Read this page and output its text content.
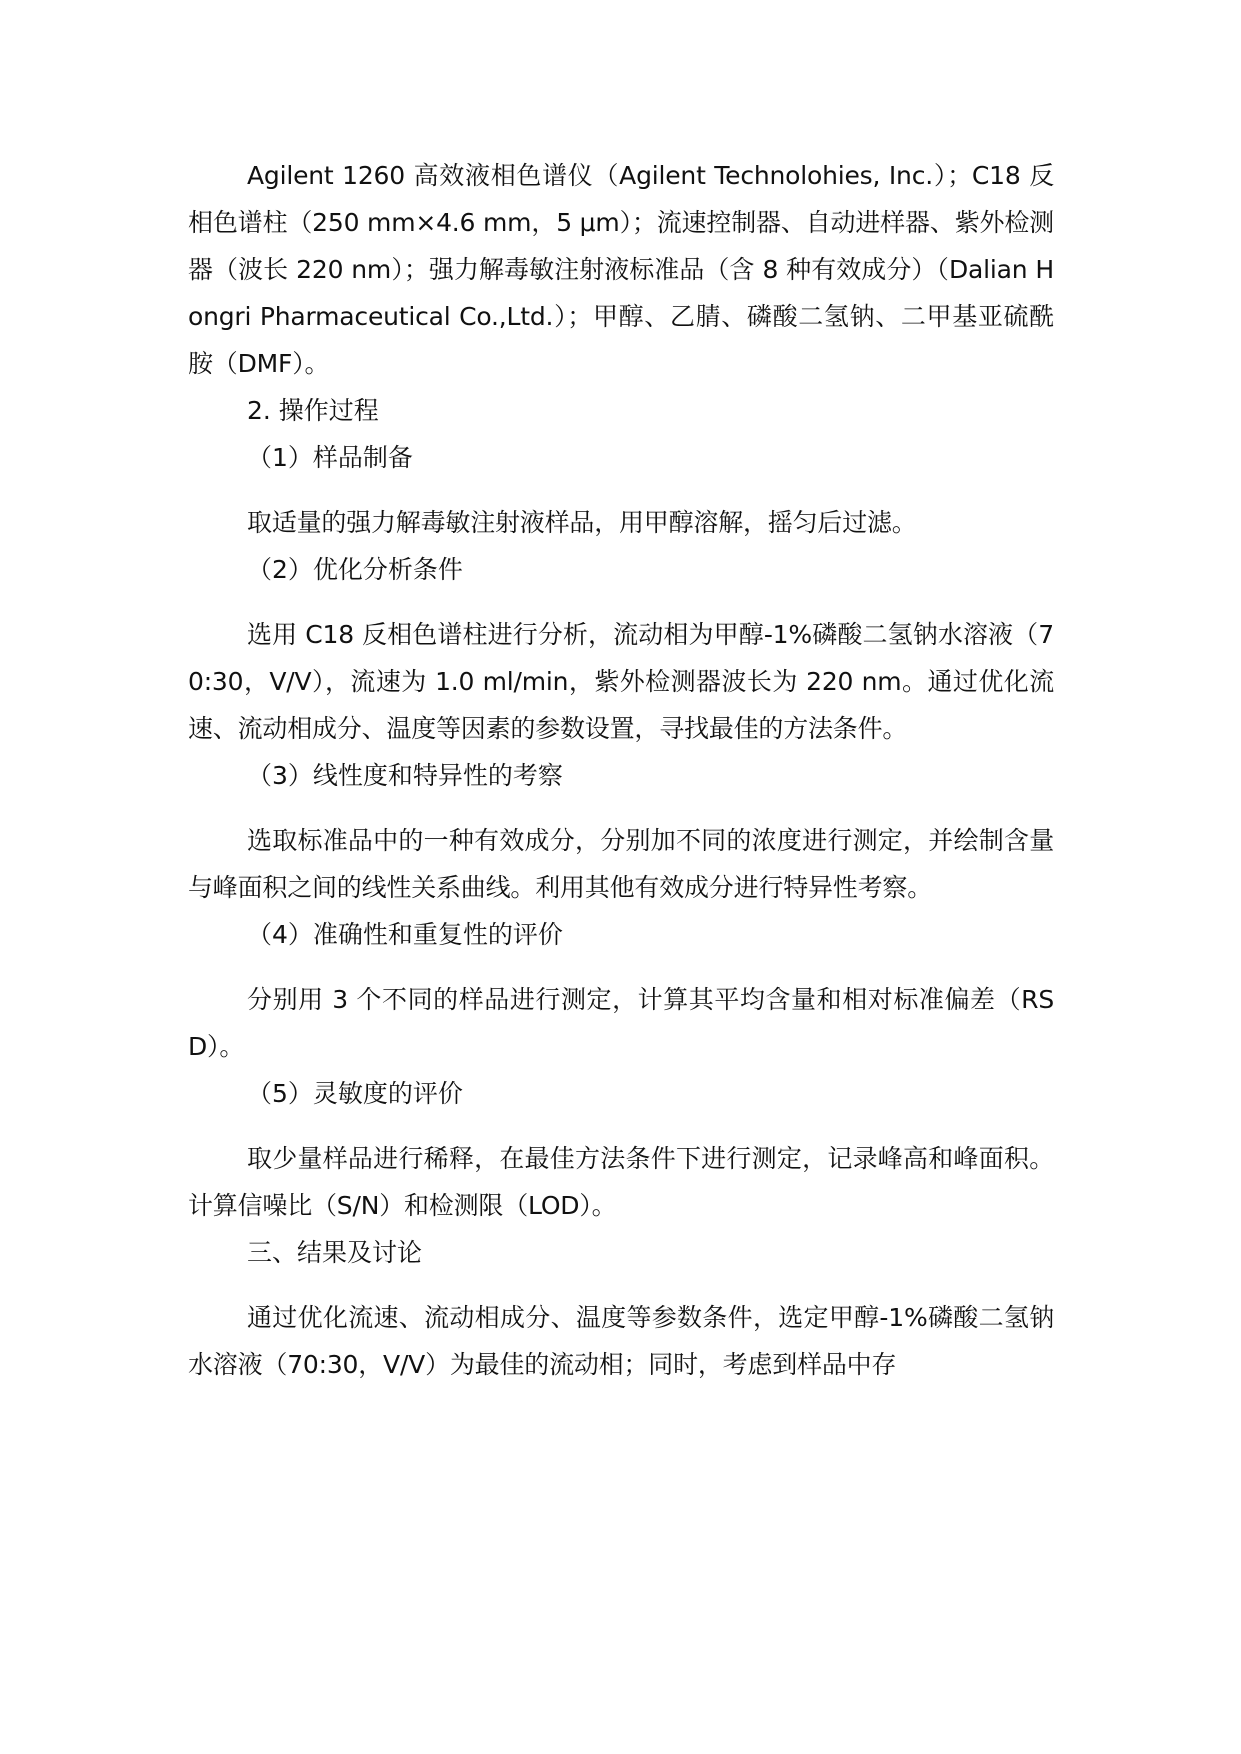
Agilent 1260 高效液相色谱仪（Agilent Technolohies, Inc.）；C18 反相色谱柱（250 mm×4.6 mm，5 μm）；流速控制器、自动进样器、紫外检测器（波长 220 nm）；强力解毒敏注射液标准品（含 8 种有效成分）（Dalian Hongri Pharmaceutical Co.,Ltd.）；甲醇、乙腈、磷酸二氢钠、二甲基亚硫酰胺（DMF）。

2. 操作过程

（1）样品制备

取适量的强力解毒敏注射液样品，用甲醇溶解，摇匀后过滤。

（2）优化分析条件

选用 C18 反相色谱柱进行分析，流动相为甲醇-1%磷酸二氢钠水溶液（70:30，V/V），流速为 1.0 ml/min，紫外检测器波长为 220 nm。通过优化流速、流动相成分、温度等因素的参数设置，寻找最佳的方法条件。

（3）线性度和特异性的考察

选取标准品中的一种有效成分，分别加不同的浓度进行测定，并绘制含量与峰面积之间的线性关系曲线。利用其他有效成分进行特异性考察。

（4）准确性和重复性的评价

分别用 3 个不同的样品进行测定，计算其平均含量和相对标准偏差（RSD）。

（5）灵敏度的评价

取少量样品进行稀释，在最佳方法条件下进行测定，记录峰高和峰面积。计算信噪比（S/N）和检测限（LOD）。

三、结果及讨论

通过优化流速、流动相成分、温度等参数条件，选定甲醇-1%磷酸二氢钠水溶液（70:30，V/V）为最佳的流动相；同时，考虑到样品中存
